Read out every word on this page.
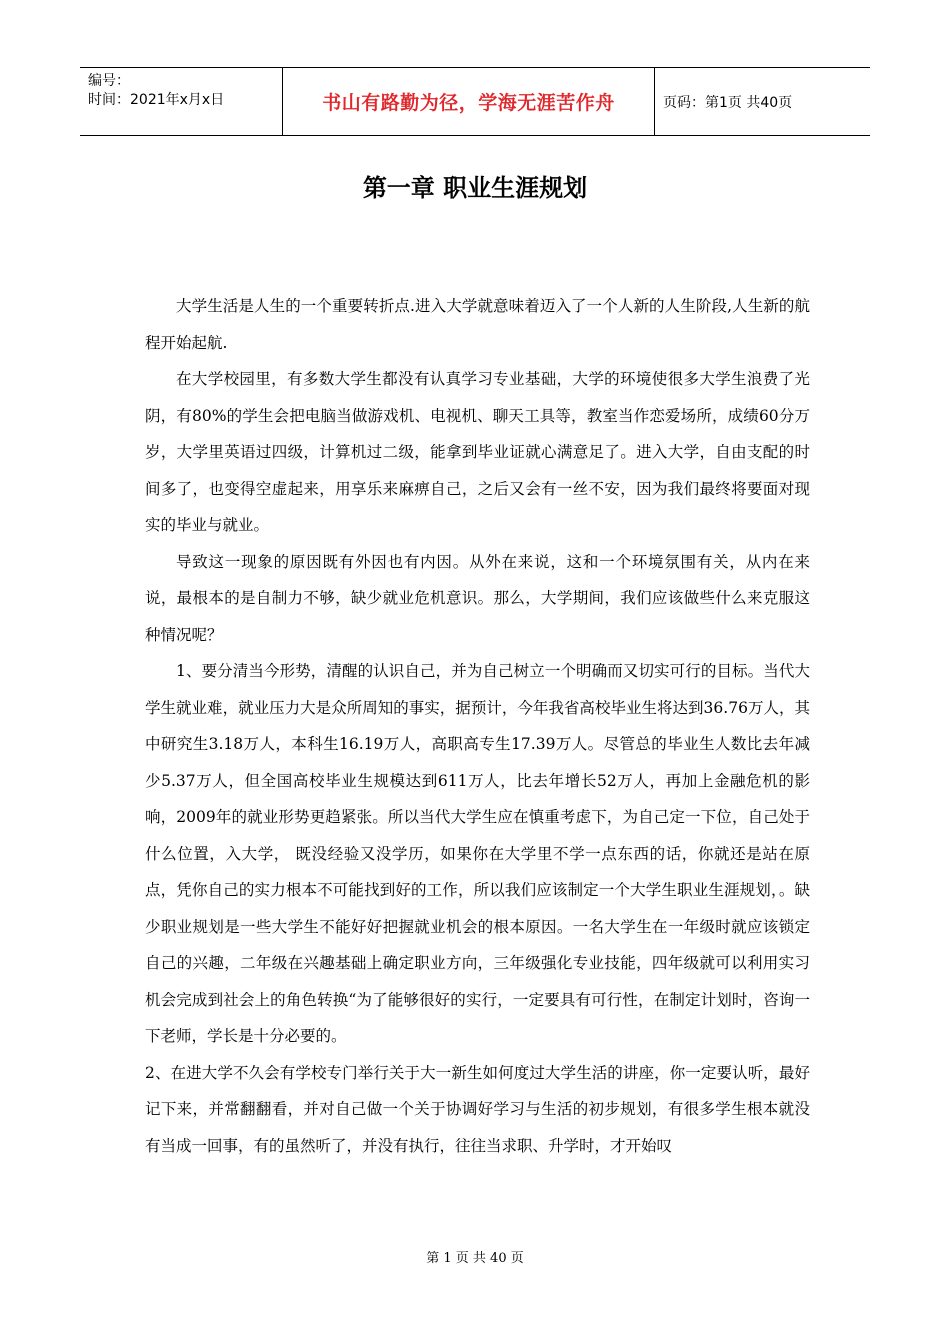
编号：
时间：2021年x月x日	书山有路勤为径，学海无涯苦作舟	页码：第1页 共40页
第一章 职业生涯规划

大学生活是人生的一个重要转折点.进入大学就意味着迈入了一个人新的人生阶段,人生新的航程开始起航.

在大学校园里，有多数大学生都没有认真学习专业基础，大学的环境使很多大学生浪费了光阴，有80%的学生会把电脑当做游戏机、电视机、聊天工具等，教室当作恋爱场所，成绩60分万岁，大学里英语过四级，计算机过二级，能拿到毕业证就心满意足了。进入大学，自由支配的时间多了，也变得空虚起来，用享乐来麻痹自己，之后又会有一丝不安，因为我们最终将要面对现实的毕业与就业。

导致这一现象的原因既有外因也有内因。从外在来说，这和一个环境氛围有关，从内在来说，最根本的是自制力不够，缺少就业危机意识。那么，大学期间，我们应该做些什么来克服这种情况呢？

1、要分清当今形势，清醒的认识自己，并为自己树立一个明确而又切实可行的目标。当代大学生就业难，就业压力大是众所周知的事实，据预计，今年我省高校毕业生将达到36.76万人，其中研究生3.18万人，本科生16.19万人，高职高专生17.39万人。尽管总的毕业生人数比去年减少5.37万人，但全国高校毕业生规模达到611万人，比去年增长52万人，再加上金融危机的影响，2009年的就业形势更趋紧张。所以当代大学生应在慎重考虑下，为自己定一下位，自己处于什么位置，入大学， 既没经验又没学历，如果你在大学里不学一点东西的话，你就还是站在原点，凭你自己的实力根本不可能找到好的工作，所以我们应该制定一个大学生职业生涯规划，。缺少职业规划是一些大学生不能好好把握就业机会的根本原因。一名大学生在一年级时就应该锁定自己的兴趣，二年级在兴趣基础上确定职业方向，三年级强化专业技能，四年级就可以利用实习机会完成到社会上的角色转换“为了能够很好的实行，一定要具有可行性，在制定计划时，咨询一下老师，学长是十分必要的。

2、在进大学不久会有学校专门举行关于大一新生如何度过大学生活的讲座，你一定要认听，最好记下来，并常翻翻看，并对自己做一个关于协调好学习与生活的初步规划，有很多学生根本就没有当成一回事，有的虽然听了，并没有执行，往往当求职、升学时，才开始叹

第 1 页 共 40 页
